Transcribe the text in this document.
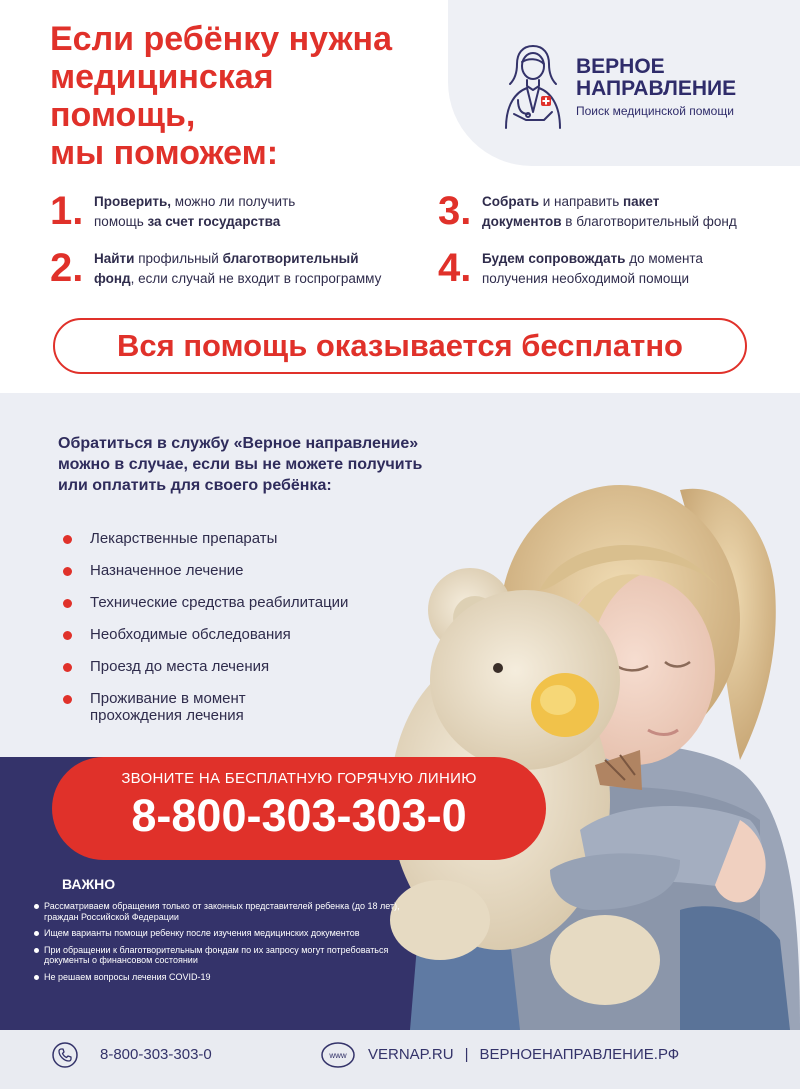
Если ребёнку нужна
медицинская
помощь,
мы поможем:
ВЕРНОЕ
НАПРАВЛЕНИЕ
Поиск медицинской помощи
1. Проверить, можно ли получить
помощь за счет государства
2. Найти профильный благотворительный
фонд, если случай не входит в госпрограмму
3. Собрать и направить пакет
документов в благотворительный фонд
4. Будем сопровождать до момента
получения необходимой помощи
Вся помощь оказывается бесплатно
Обратиться в службу «Верное направление»
можно в случае, если вы не можете получить
или оплатить для своего ребёнка:
Лекарственные препараты
Назначенное лечение
Технические средства реабилитации
Необходимые обследования
Проезд до места лечения
Проживание в момент прохождения лечения
ЗВОНИТЕ НА БЕСПЛАТНУЮ ГОРЯЧУЮ ЛИНИЮ
8-800-303-303-0
ВАЖНО
Рассматриваем обращения только от законных представителей ребенка (до 18 лет), граждан Российской Федерации
Ищем варианты помощи ребенку после изучения медицинских документов
При обращении к благотворительным фондам по их запросу могут потребоваться документы о финансовом состоянии
Не решаем вопросы лечения COVID-19
8-800-303-303-0	www VERNAP.RU | ВЕРНОЕНАПРАВЛЕНИЕ.РФ
